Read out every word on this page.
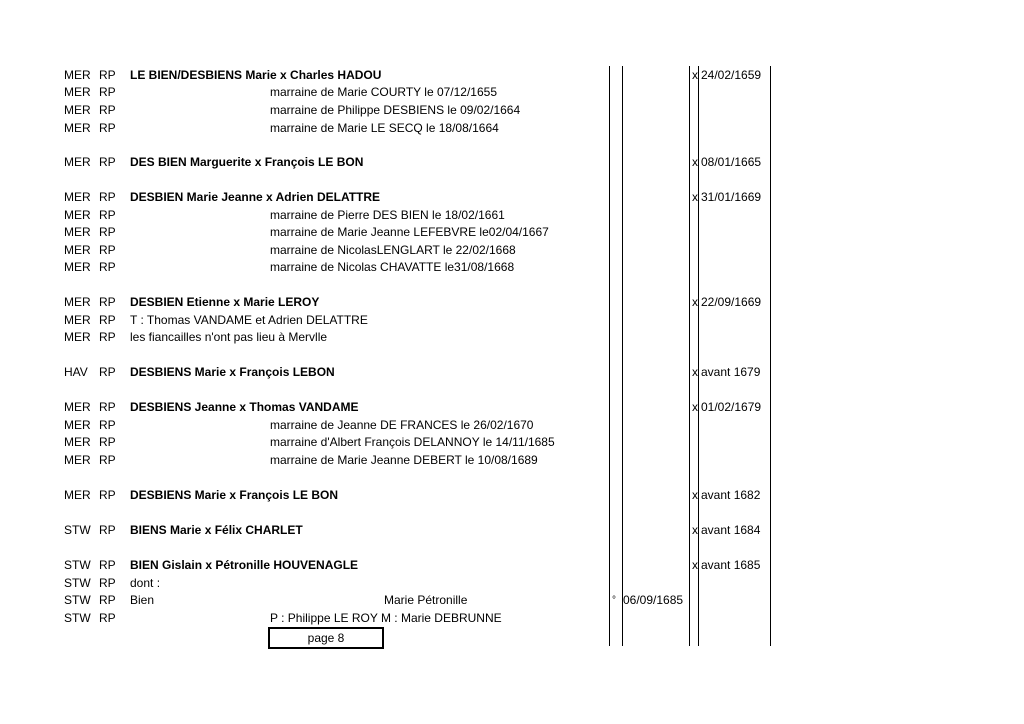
MER RP LE BIEN/DESBIENS Marie x Charles HADOU	x 24/02/1659
MER RP	marraine de Marie COURTY le 07/12/1655
MER RP	marraine de Philippe DESBIENS le 09/02/1664
MER RP	marraine de Marie LE SECQ le 18/08/1664
MER RP DES BIEN Marguerite x François LE BON	x 08/01/1665
MER RP DESBIEN Marie Jeanne x Adrien DELATTRE	x 31/01/1669
MER RP	marraine de Pierre DES BIEN le 18/02/1661
MER RP	marraine de Marie Jeanne LEFEBVRE le02/04/1667
MER RP	marraine de NicolasLENGLART le 22/02/1668
MER RP	marraine de Nicolas CHAVATTE le31/08/1668
MER RP DESBIEN Etienne x Marie LEROY	x 22/09/1669
MER RP T : Thomas VANDAME et Adrien DELATTRE
MER RP les fiancailles n'ont pas lieu à Mervlle
HAV RP DESBIENS Marie x François LEBON	x avant 1679
MER RP DESBIENS Jeanne x Thomas VANDAME	x 01/02/1679
MER RP	marraine de Jeanne DE FRANCES le 26/02/1670
MER RP	marraine d'Albert François DELANNOY le 14/11/1685
MER RP	marraine de Marie Jeanne DEBERT le 10/08/1689
MER RP DESBIENS Marie x François LE BON	x avant 1682
STW RP BIENS Marie x Félix CHARLET	x avant 1684
STW RP BIEN Gislain x Pétronille HOUVENAGLE	x avant 1685
STW RP dont :
STW RP Bien	Marie Pétronille	° 06/09/1685
STW RP	P : Philippe LE ROY M : Marie DEBRUNNE
page 8
